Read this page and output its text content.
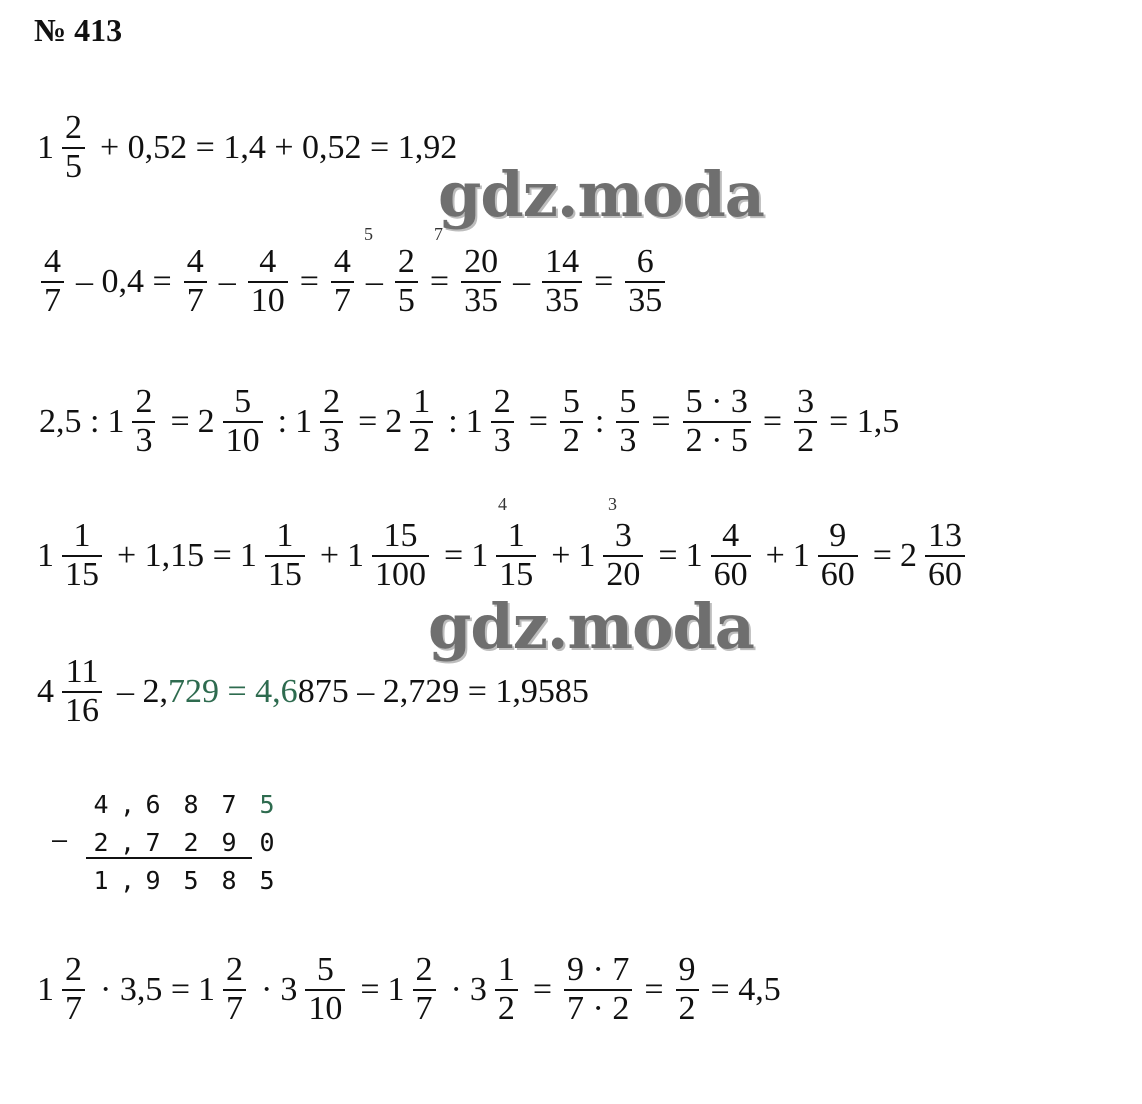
№ 413
$1 \frac{2}{5} + 0,52 = 1,4 + 0,52 = 1,92$
$\frac{4}{7} - 0,4 = \frac{4}{7} - \frac{4}{10} = \frac{4}{7} - \frac{2}{5} = \frac{20}{35} - \frac{14}{35} = \frac{6}{35}$
5	7
2,5 : $1 \frac{2}{3} = 2 \frac{5}{10}$ : $1 \frac{2}{3} = 2 \frac{1}{2}$ : $1 \frac{2}{3} = \frac{5}{2}$ : $\frac{5}{3} = \frac{5 \cdot 3}{2 \cdot 5} = \frac{3}{2} = 1,5$
$1 \frac{1}{15} + 1,15 = 1 \frac{1}{15} + 1 \frac{15}{100} = 1 \frac{1}{15} + 1 \frac{3}{20} = 1 \frac{4}{60} + 1 \frac{9}{60} = 2 \frac{13}{60}$
4	3
$4 \frac{11}{16} - 2$, 729 = 4,6 875 – 2,729 = 1,9585
4 , 6 8 7 5
–	2 , 7 2 9 0
1 , 9 5 8 5
$1 \frac{2}{7} \cdot 3,5 = 1 \frac{2}{7} \cdot 3 \frac{5}{10} = 1 \frac{2}{7} \cdot 3 \frac{1}{2} = \frac{9 \cdot 7}{7 \cdot 2} = \frac{9}{2} = 4,5$
gdz.moda
gdz.moda
